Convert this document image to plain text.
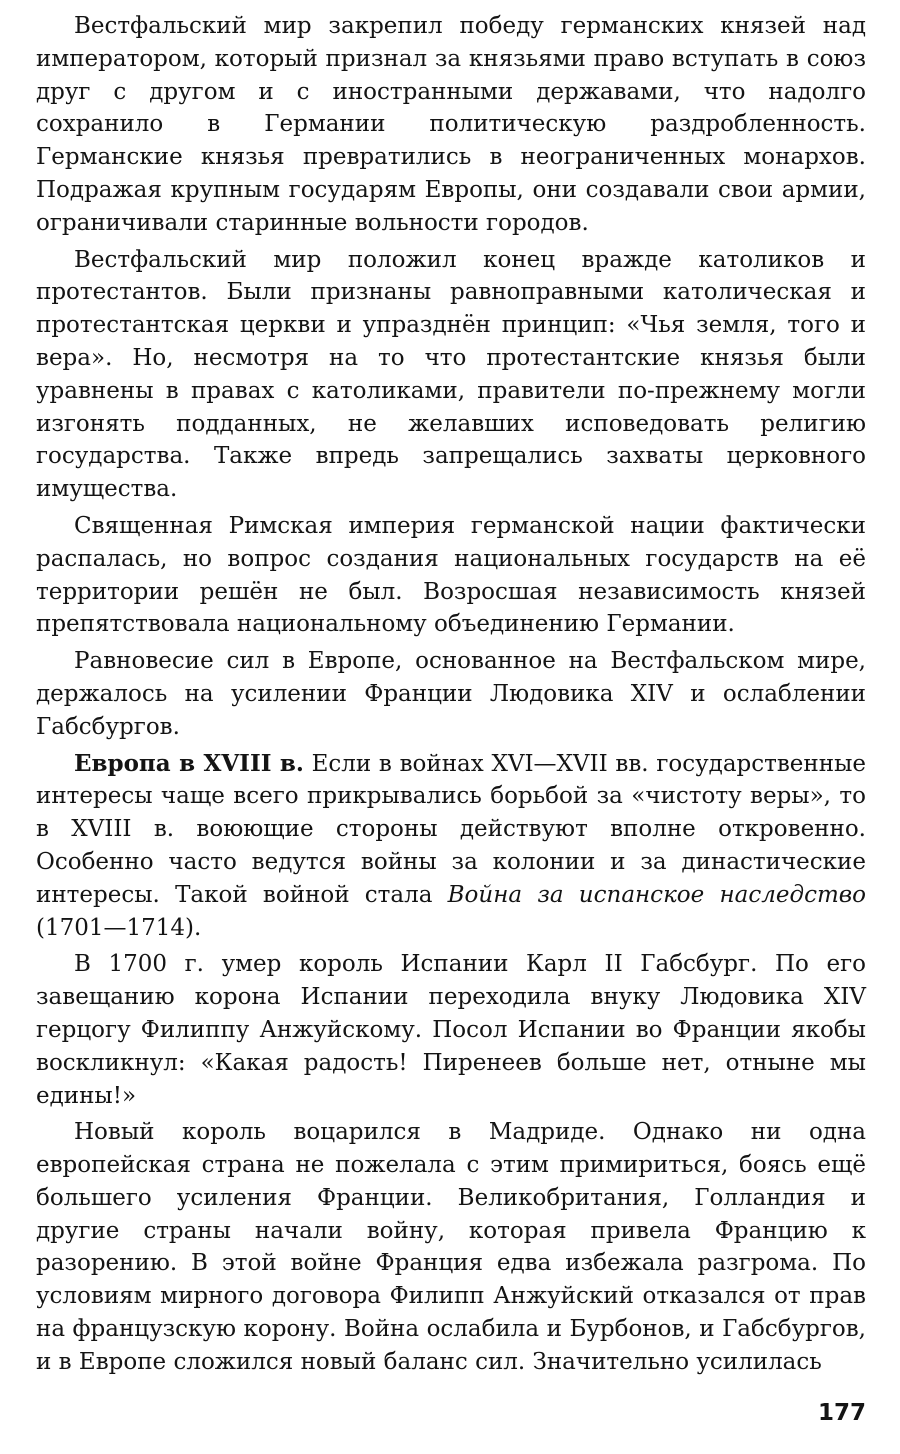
Вестфальский мир закрепил победу германских князей над императором, который признал за князьями право вступать в союз друг с другом и с иностранными державами, что надолго сохранило в Германии политическую раздробленность. Германские князья превратились в неограниченных монархов. Подражая крупным государям Европы, они создавали свои армии, ограничивали старинные вольности городов.

Вестфальский мир положил конец вражде католиков и протестантов. Были признаны равноправными католическая и протестантская церкви и упразднён принцип: «Чья земля, того и вера». Но, несмотря на то что протестантские князья были уравнены в правах с католиками, правители по-прежнему могли изгонять подданных, не желавших исповедовать религию государства. Также впредь запрещались захваты церковного имущества.

Священная Римская империя германской нации фактически распалась, но вопрос создания национальных государств на её территории решён не был. Возросшая независимость князей препятствовала национальному объединению Германии.

Равновесие сил в Европе, основанное на Вестфальском мире, держалось на усилении Франции Людовика XIV и ослаблении Габсбургов.

Европа в XVIII в. Если в войнах XVI—XVII вв. государственные интересы чаще всего прикрывались борьбой за «чистоту веры», то в XVIII в. воюющие стороны действуют вполне откровенно. Особенно часто ведутся войны за колонии и за династические интересы. Такой войной стала Война за испанское наследство (1701—1714).

В 1700 г. умер король Испании Карл II Габсбург. По его завещанию корона Испании переходила внуку Людовика XIV герцогу Филиппу Анжуйскому. Посол Испании во Франции якобы воскликнул: «Какая радость! Пиренеев больше нет, отныне мы едины!»

Новый король воцарился в Мадриде. Однако ни одна европейская страна не пожелала с этим примириться, боясь ещё большего усиления Франции. Великобритания, Голландия и другие страны начали войну, которая привела Францию к разорению. В этой войне Франция едва избежала разгрома. По условиям мирного договора Филипп Анжуйский отказался от прав на французскую корону. Война ослабила и Бурбонов, и Габсбургов, и в Европе сложился новый баланс сил. Значительно усилилась

177
